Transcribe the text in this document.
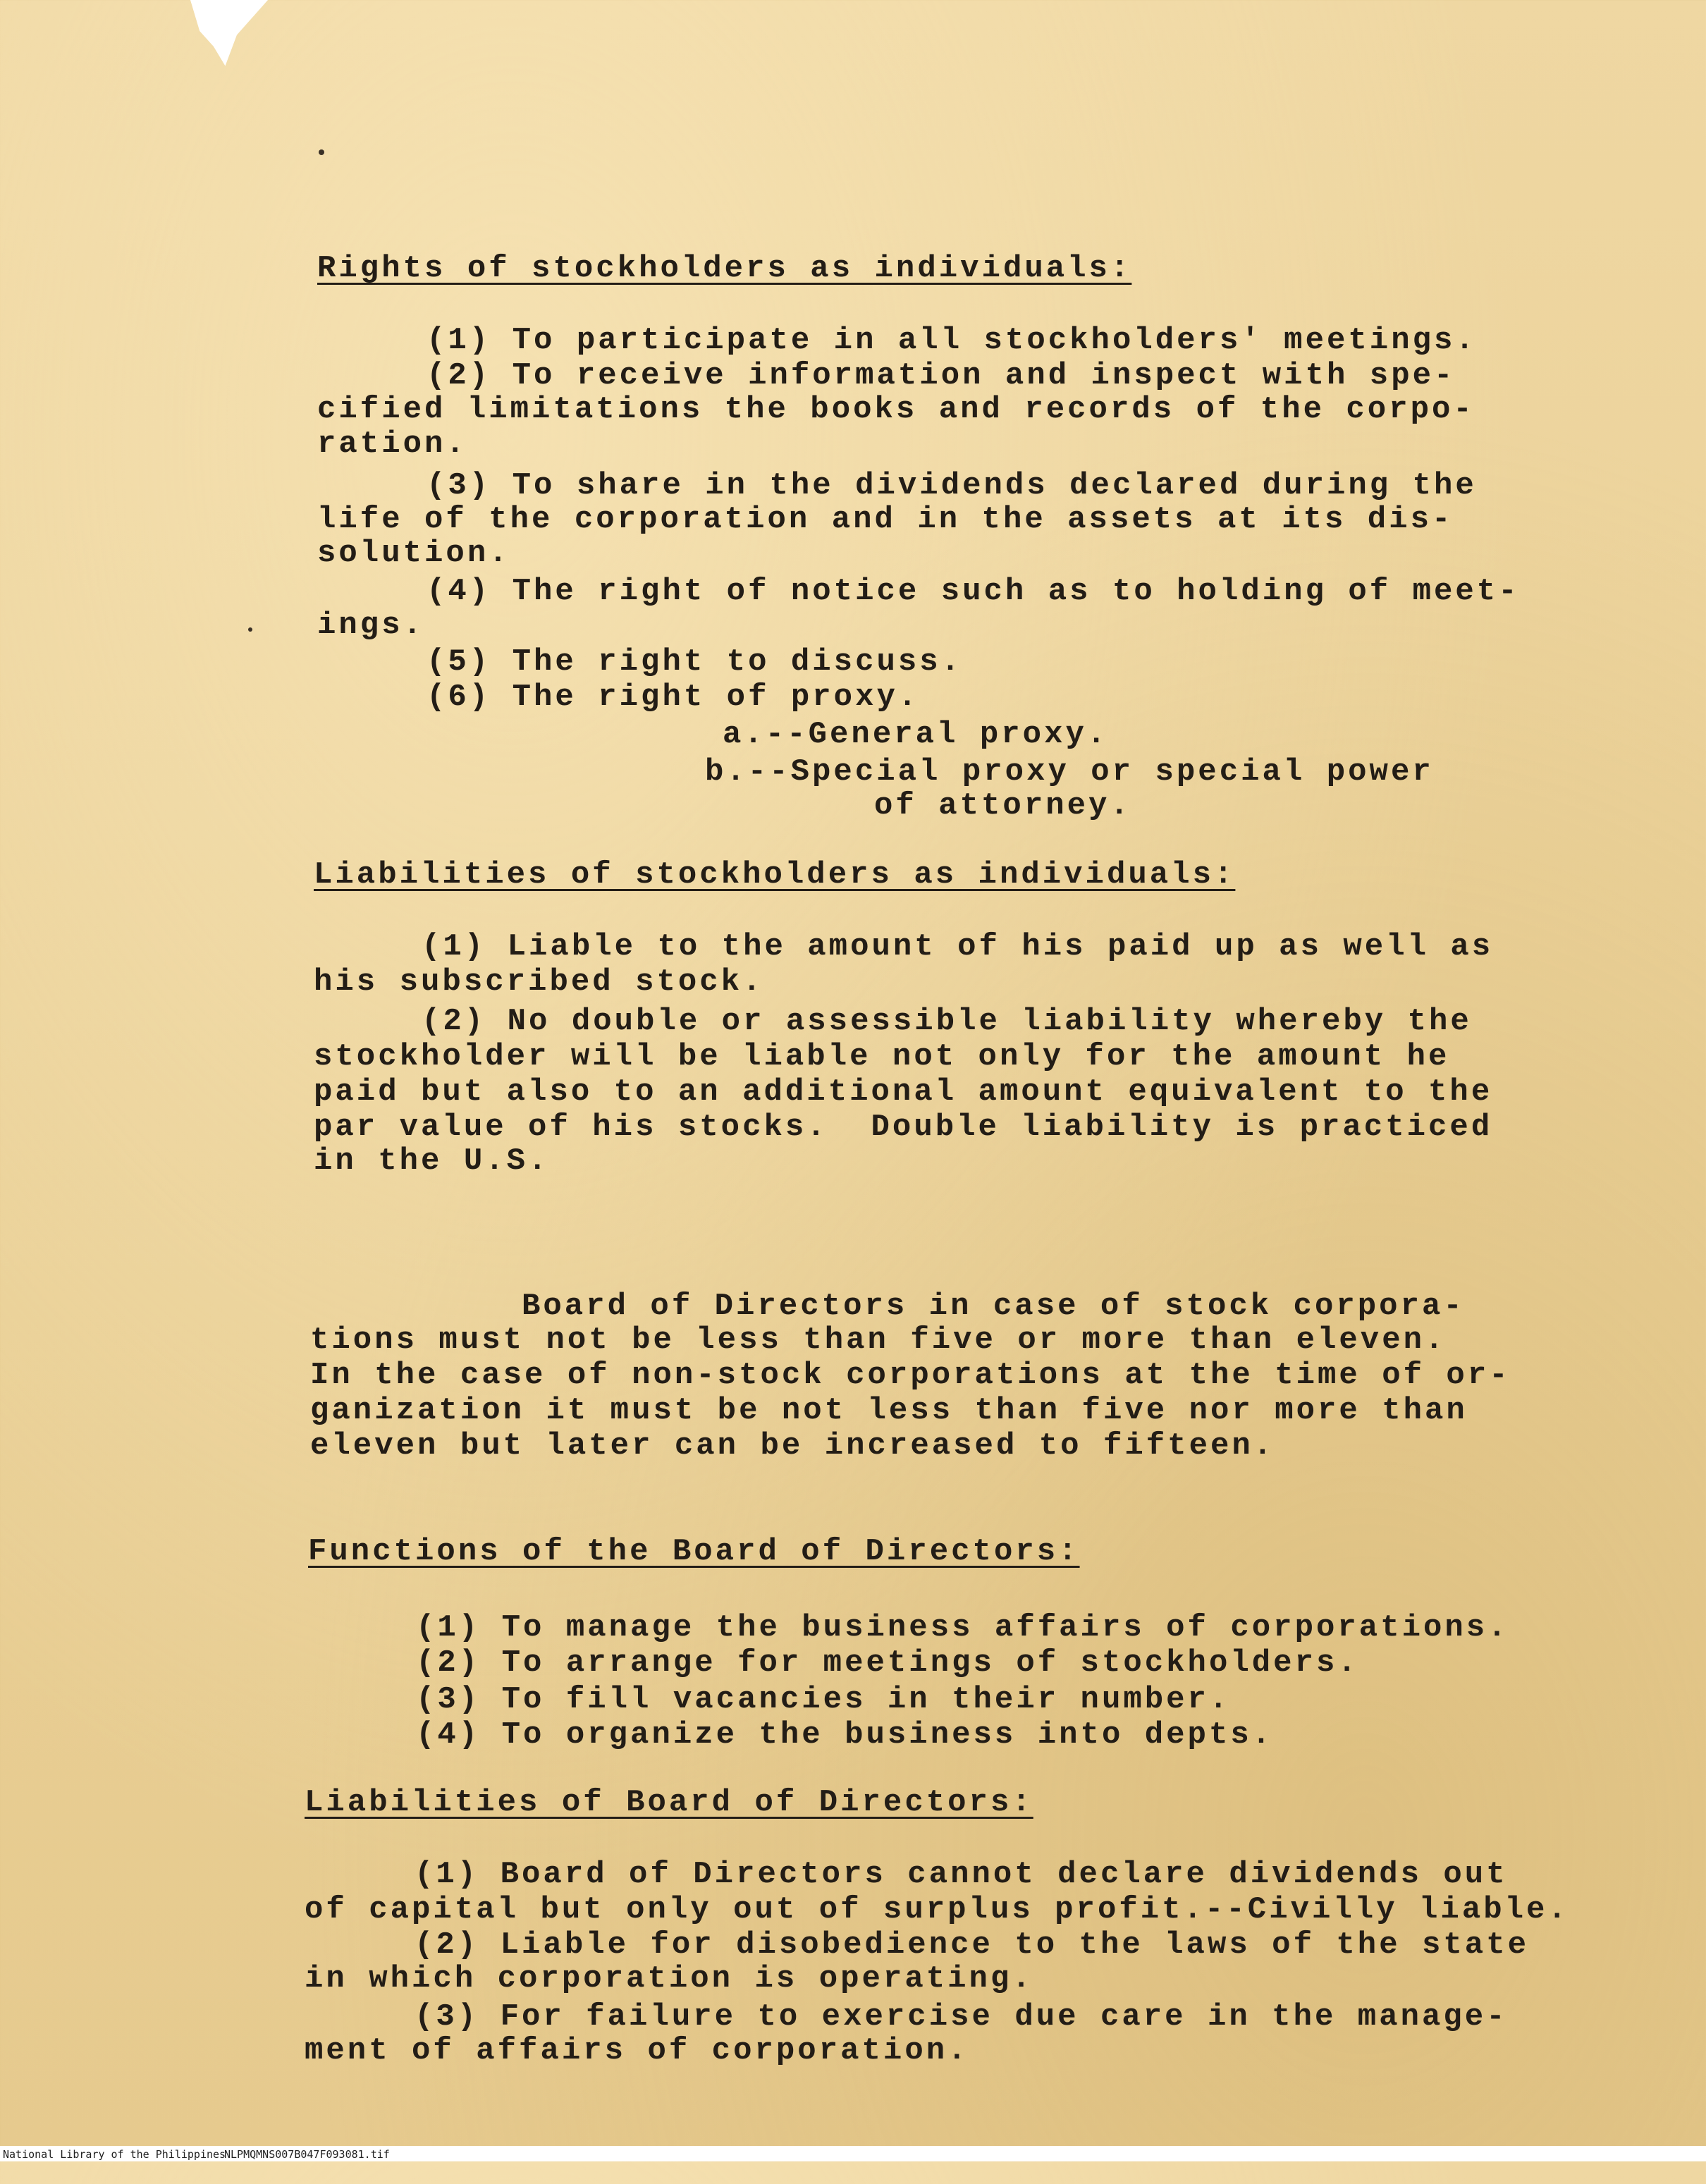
Rights of stockholders as individuals:
(1) To participate in all stockholders' meetings.
(2) To receive information and inspect with spe-
cified limitations the books and records of the corpo-
ration.
(3) To share in the dividends declared during the
life of the corporation and in the assets at its dis-
solution.
(4) The right of notice such as to holding of meet-
ings.
(5) The right to discuss.
(6) The right of proxy.
a.--General proxy.
b.--Special proxy or special power
of attorney.
Liabilities of stockholders as individuals:
(1) Liable to the amount of his paid up as well as
his subscribed stock.
(2) No double or assessible liability whereby the
stockholder will be liable not only for the amount he
paid but also to an additional amount equivalent to the
par value of his stocks.  Double liability is practiced
in the U.S.
Board of Directors in case of stock corpora-
tions must not be less than five or more than eleven.
In the case of non-stock corporations at the time of or-
ganization it must be not less than five nor more than
eleven but later can be increased to fifteen.
Functions of the Board of Directors:
(1) To manage the business affairs of corporations.
(2) To arrange for meetings of stockholders.
(3) To fill vacancies in their number.
(4) To organize the business into depts.
Liabilities of Board of Directors:
(1) Board of Directors cannot declare dividends out
of capital but only out of surplus profit.--Civilly liable.
(2) Liable for disobedience to the laws of the state
in which corporation is operating.
(3) For failure to exercise due care in the manage-
ment of affairs of corporation.

National Library of the Philippines

NLPMQMNS007B047F093081.tif
